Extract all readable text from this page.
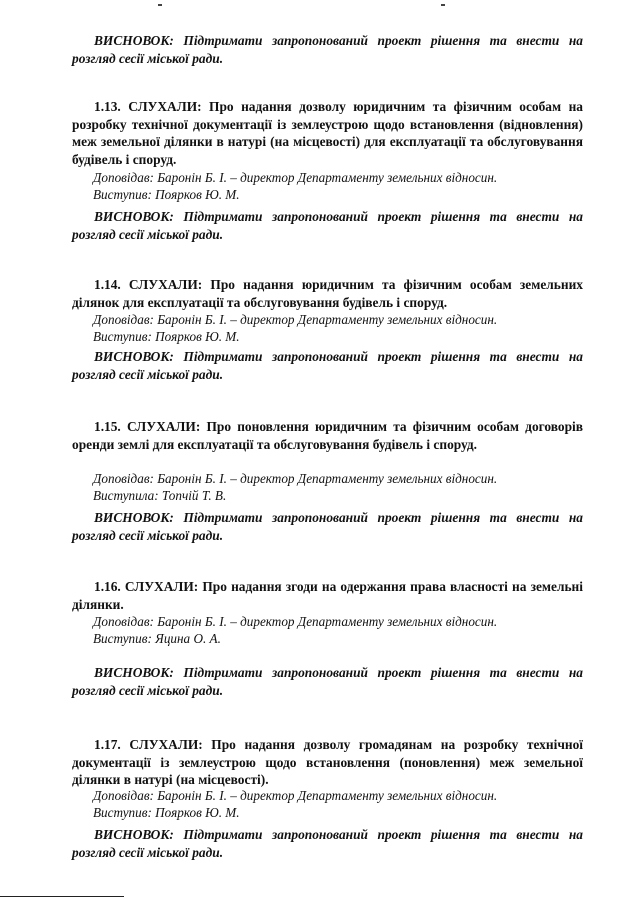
ВИСНОВОК: Підтримати запропонований проект рішення та внести на розгляд сесії міської ради.
1.13. СЛУХАЛИ: Про надання дозволу юридичним та фізичним особам на розробку технічної документації із землеустрою щодо встановлення (відновлення) меж земельної ділянки в натурі (на місцевості) для експлуатації та обслуговування будівель і споруд.
Доповідав: Баронін Б. І. – директор Департаменту земельних відносин.
Виступив: Поярков Ю. М.
ВИСНОВОК: Підтримати запропонований проект рішення та внести на розгляд сесії міської ради.
1.14. СЛУХАЛИ: Про надання юридичним та фізичним особам земельних ділянок для експлуатації та обслуговування будівель і споруд.
Доповідав: Баронін Б. І. – директор Департаменту земельних відносин.
Виступив: Поярков Ю. М.
ВИСНОВОК: Підтримати запропонований проект рішення та внести на розгляд сесії міської ради.
1.15. СЛУХАЛИ: Про поновлення юридичним та фізичним особам договорів оренди землі для експлуатації та обслуговування будівель і споруд.
Доповідав: Баронін Б. І. – директор Департаменту земельних відносин.
Виступила: Топчій Т. В.
ВИСНОВОК: Підтримати запропонований проект рішення та внести на розгляд сесії міської ради.
1.16. СЛУХАЛИ: Про надання згоди на одержання права власності на земельні ділянки.
Доповідав: Баронін Б. І. – директор Департаменту земельних відносин.
Виступив: Яцина О. А.
ВИСНОВОК: Підтримати запропонований проект рішення та внести на розгляд сесії міської ради.
1.17. СЛУХАЛИ: Про надання дозволу громадянам на розробку технічної документації із землеустрою щодо встановлення (поновлення) меж земельної ділянки в натурі (на місцевості).
Доповідав: Баронін Б. І. – директор Департаменту земельних відносин.
Виступив: Поярков Ю. М.
ВИСНОВОК: Підтримати запропонований проект рішення та внести на розгляд сесії міської ради.
